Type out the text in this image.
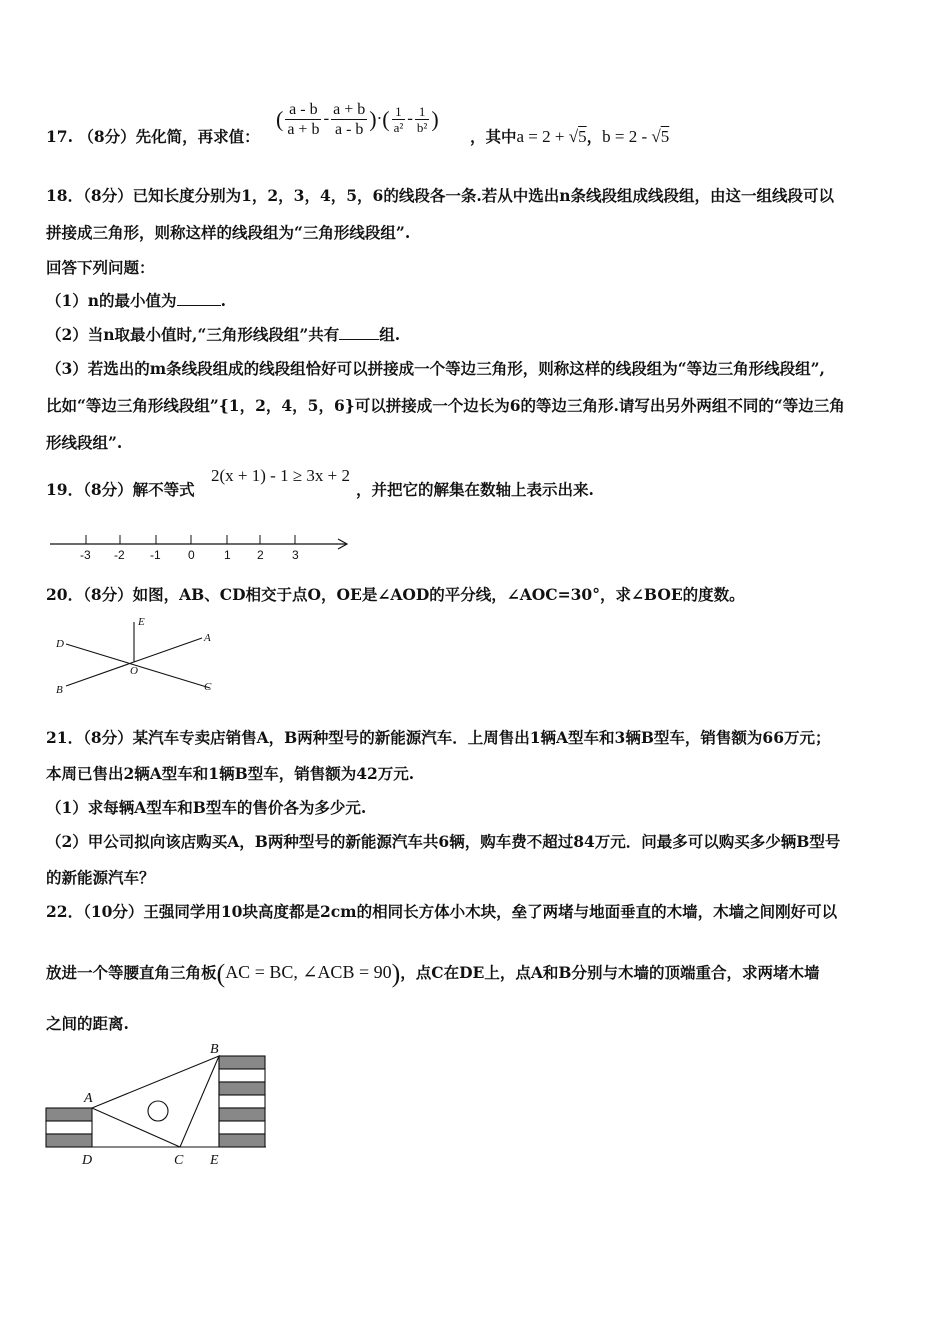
17. （8分）先化简，再求值：
( $\frac{a - b}{a + b} - \frac{a + b}{a - b}$ )·( $\frac{1}{\text{a²}} - \frac{1}{\text{b²}}$ )
，其中a = 2 + √5，b = 2 - √5
18．（8分）已知长度分别为1，2，3，4，5，6的线段各一条.若从中选出n条线段组成线段组，由这一组线段可以
拼接成三角形，则称这样的线段组为“三角形线段组”.
回答下列问题：
（1）n的最小值为	.
（2）当n取最小值时,“三角形线段组”共有	组.
（3）若选出的m条线段组成的线段组恰好可以拼接成一个等边三角形，则称这样的线段组为“等边三角形线段组”,
比如“等边三角形线段组”{1，2，4，5，6}可以拼接成一个边长为6的等边三角形.请写出另外两组不同的“等边三角
形线段组”.
19．（8分）解不等式
2(x + 1) - 1 ≥ 3x + 2
，并把它的解集在数轴上表示出来.
-3 -2 -1 0 1 2 3
20．（8分）如图，AB、CD相交于点O，OE是∠AOD的平分线，∠AOC=30°，求∠BOE的度数。
D
E
A
O
B	C
21．（8分）某汽车专卖店销售A，B两种型号的新能源汽车．上周售出1辆A型车和3辆B型车，销售额为66万元；
本周已售出2辆A型车和1辆B型车，销售额为42万元.
（1）求每辆A型车和B型车的售价各为多少元.
（2）甲公司拟向该店购买A，B两种型号的新能源汽车共6辆，购车费不超过84万元．问最多可以购买多少辆B型号
的新能源汽车？
22．（10分）王强同学用10块高度都是2cm的相同长方体小木块，垒了两堵与地面垂直的木墙，木墙之间刚好可以
放进一个等腰直角三角板(AC = BC, ∠ACB = 90)，点C在DE上，点A和B分别与木墙的顶端重合，求两堵木墙
之间的距离.
A
B
C
D	E
